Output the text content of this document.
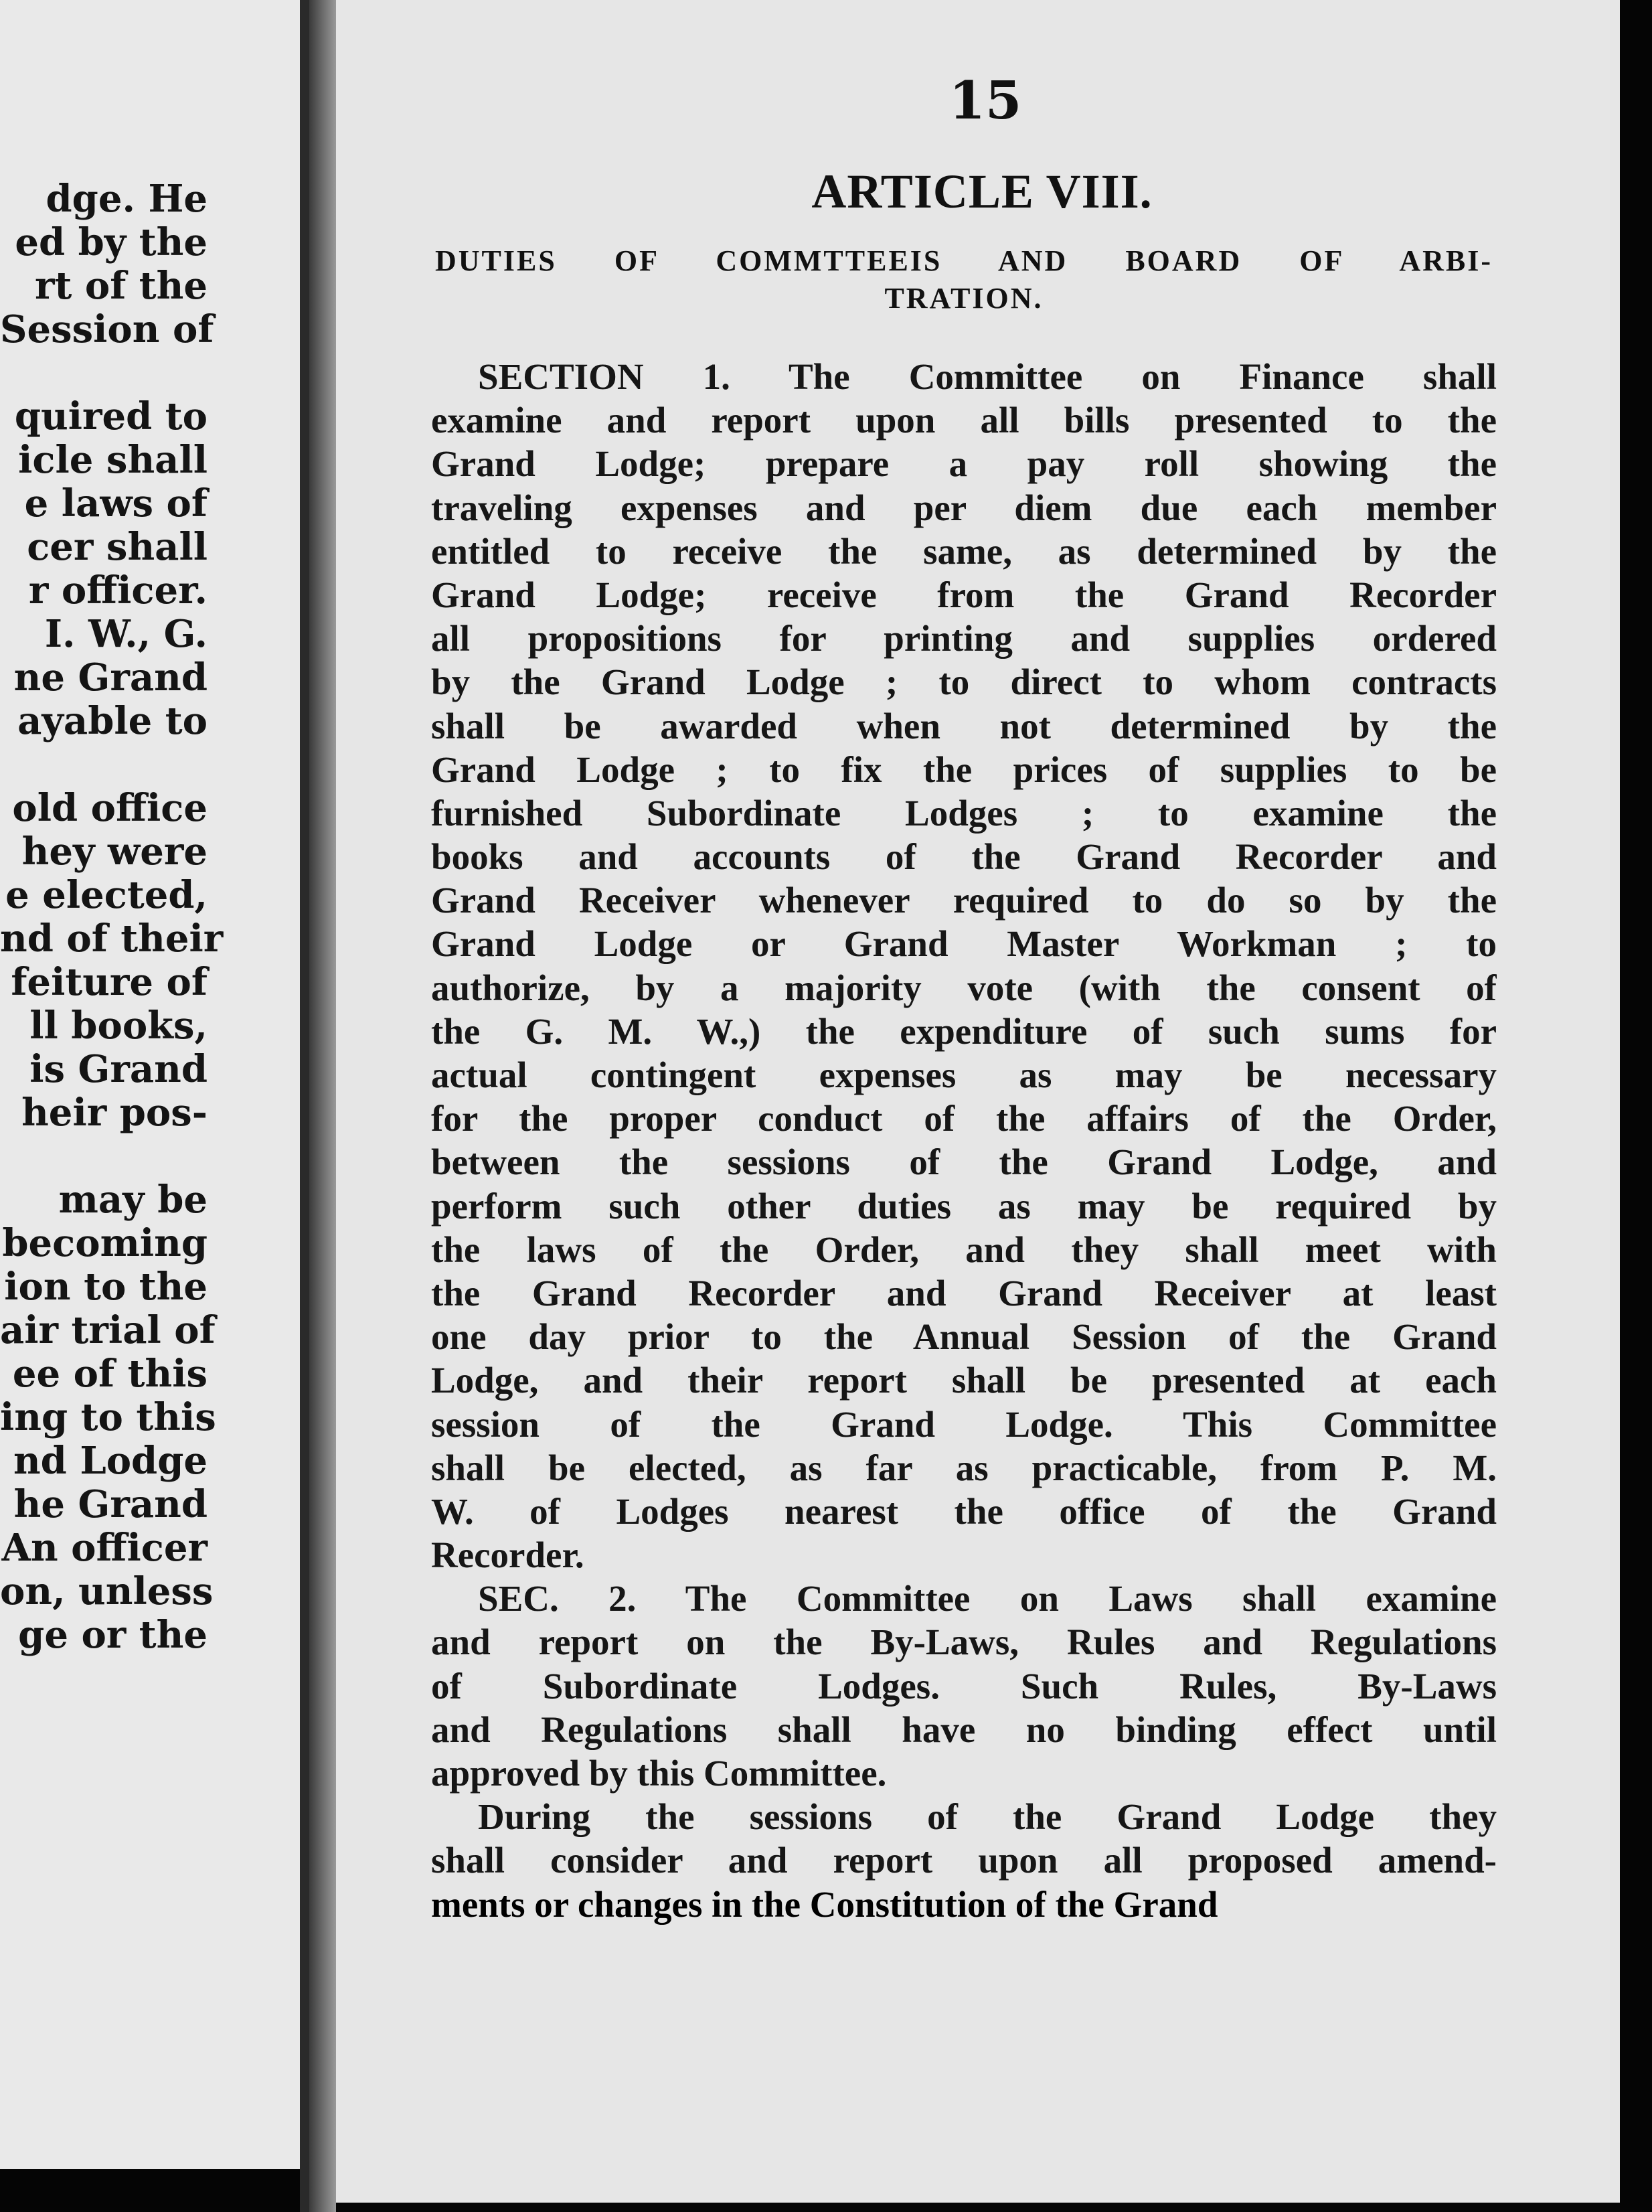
dge. He
ed by the
rt of the
Session of
quired to
icle shall
e laws of
cer shall
r officer.
I. W., G.
ne Grand
ayable to
old office
hey were
e elected,
nd of their
feiture of
ll books,
is Grand
heir pos-
may be
becoming
ion to the
air trial of
ee of this
ing to this
nd Lodge
he Grand
An officer
on, unless
ge or the
15
ARTICLE VIII.
DUTIES OF COMMTTEEIS AND BOARD OF ARBI-
TRATION.
SECTION 1. The Committee on Finance shall
examine and report upon all bills presented to the
Grand Lodge; prepare a pay roll showing the
traveling expenses and per diem due each member
entitled to receive the same, as determined by the
Grand Lodge; receive from the Grand Recorder
all propositions for printing and supplies ordered
by the Grand Lodge ; to direct to whom contracts
shall be awarded when not determined by the
Grand Lodge ; to fix the prices of supplies to be
furnished Subordinate Lodges ; to examine the
books and accounts of the Grand Recorder and
Grand Receiver whenever required to do so by the
Grand Lodge or Grand Master Workman ; to
authorize, by a majority vote (with the consent of
the G. M. W.,) the expenditure of such sums for
actual contingent expenses as may be necessary
for the proper conduct of the affairs of the Order,
between the sessions of the Grand Lodge, and
perform such other duties as may be required by
the laws of the Order, and they shall meet with
the Grand Recorder and Grand Receiver at least
one day prior to the Annual Session of the Grand
Lodge, and their report shall be presented at each
session of the Grand Lodge. This Committee
shall be elected, as far as practicable, from P. M.
W. of Lodges nearest the office of the Grand
Recorder.
SEC. 2. The Committee on Laws shall examine
and report on the By-Laws, Rules and Regulations
of Subordinate Lodges. Such Rules, By-Laws
and Regulations shall have no binding effect until
approved by this Committee.
During the sessions of the Grand Lodge they
shall consider and report upon all proposed amend-
ments or changes in the Constitution of the Grand
